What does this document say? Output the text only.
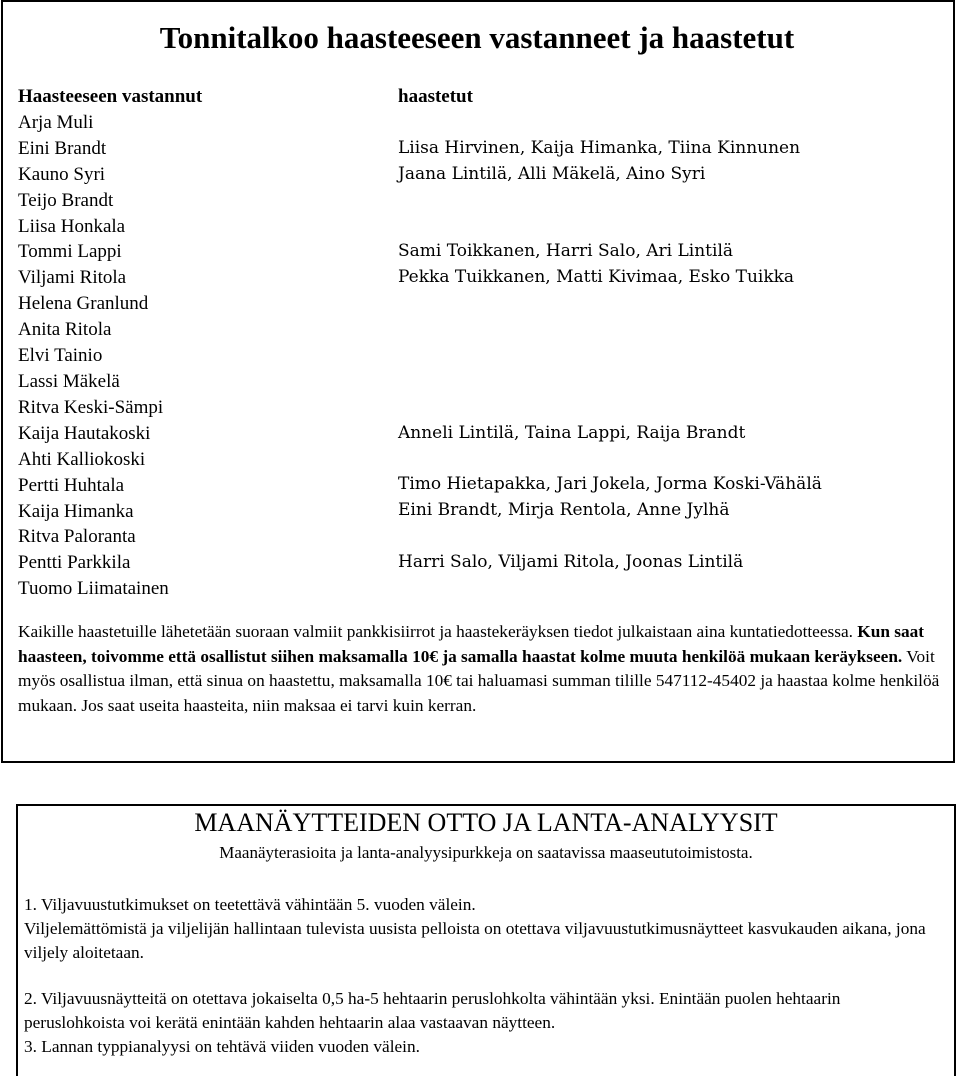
Tonnitalkoo haasteeseen vastanneet ja haastetut
Haasteeseen vastannut
Arja Muli
Eini Brandt
Kauno Syri
Teijo Brandt
Liisa Honkala
Tommi Lappi
Viljami Ritola
Helena Granlund
Anita Ritola
Elvi Tainio
Lassi Mäkelä
Ritva Keski-Sämpi
Kaija Hautakoski
Ahti Kalliokoski
Pertti Huhtala
Kaija Himanka
Ritva Paloranta
Pentti Parkkila
Tuomo Liimatainen
haastetut
Liisa Hirvinen, Kaija Himanka, Tiina Kinnunen
Jaana Lintilä, Alli Mäkelä, Aino Syri
Sami Toikkanen, Harri Salo, Ari Lintilä
Pekka Tuikkanen, Matti Kivimaa, Esko Tuikka
Anneli Lintilä, Taina Lappi, Raija Brandt
Timo Hietapakka, Jari Jokela, Jorma Koski-Vähälä
Eini Brandt, Mirja Rentola, Anne Jylhä
Harri Salo, Viljami Ritola, Joonas Lintilä
Kaikille haastetuille lähetetään suoraan valmiit pankkisiirrot ja haastekeräyksen tiedot julkaistaan aina kuntatiedotteessa. Kun saat haasteen, toivomme että osallistut siihen maksamalla 10€ ja samalla haastat kolme muuta henkilöä mukaan keräykseen. Voit myös osallistua ilman, että sinua on haastettu, maksamalla 10€ tai haluamasi summan tilille 547112-45402 ja haastaa kolme henkilöä mukaan. Jos saat useita haasteita, niin maksaa ei tarvi kuin kerran.
MAANÄYTTEIDEN OTTO JA LANTA-ANALYYSIT
Maanäyterasioita ja lanta-analyysipurkkeja on saatavissa maaseututoimistosta.
1. Viljavuustutkimukset on teetettävä vähintään 5. vuoden välein.
Viljelemättömistä ja viljelijän hallintaan tulevista uusista pelloista on otettava viljavuustutkimusnäytteet kasvukauden aikana, jona viljely aloitetaan.
2. Viljavuusnäytteitä on otettava jokaiselta 0,5 ha-5 hehtaarin peruslohkolta vähintään yksi. Enintään puolen hehtaarin peruslohkoista voi kerätä enintään kahden hehtaarin alaa vastaavan näytteen.
3. Lannan typpianalyysi on tehtävä viiden vuoden välein.
